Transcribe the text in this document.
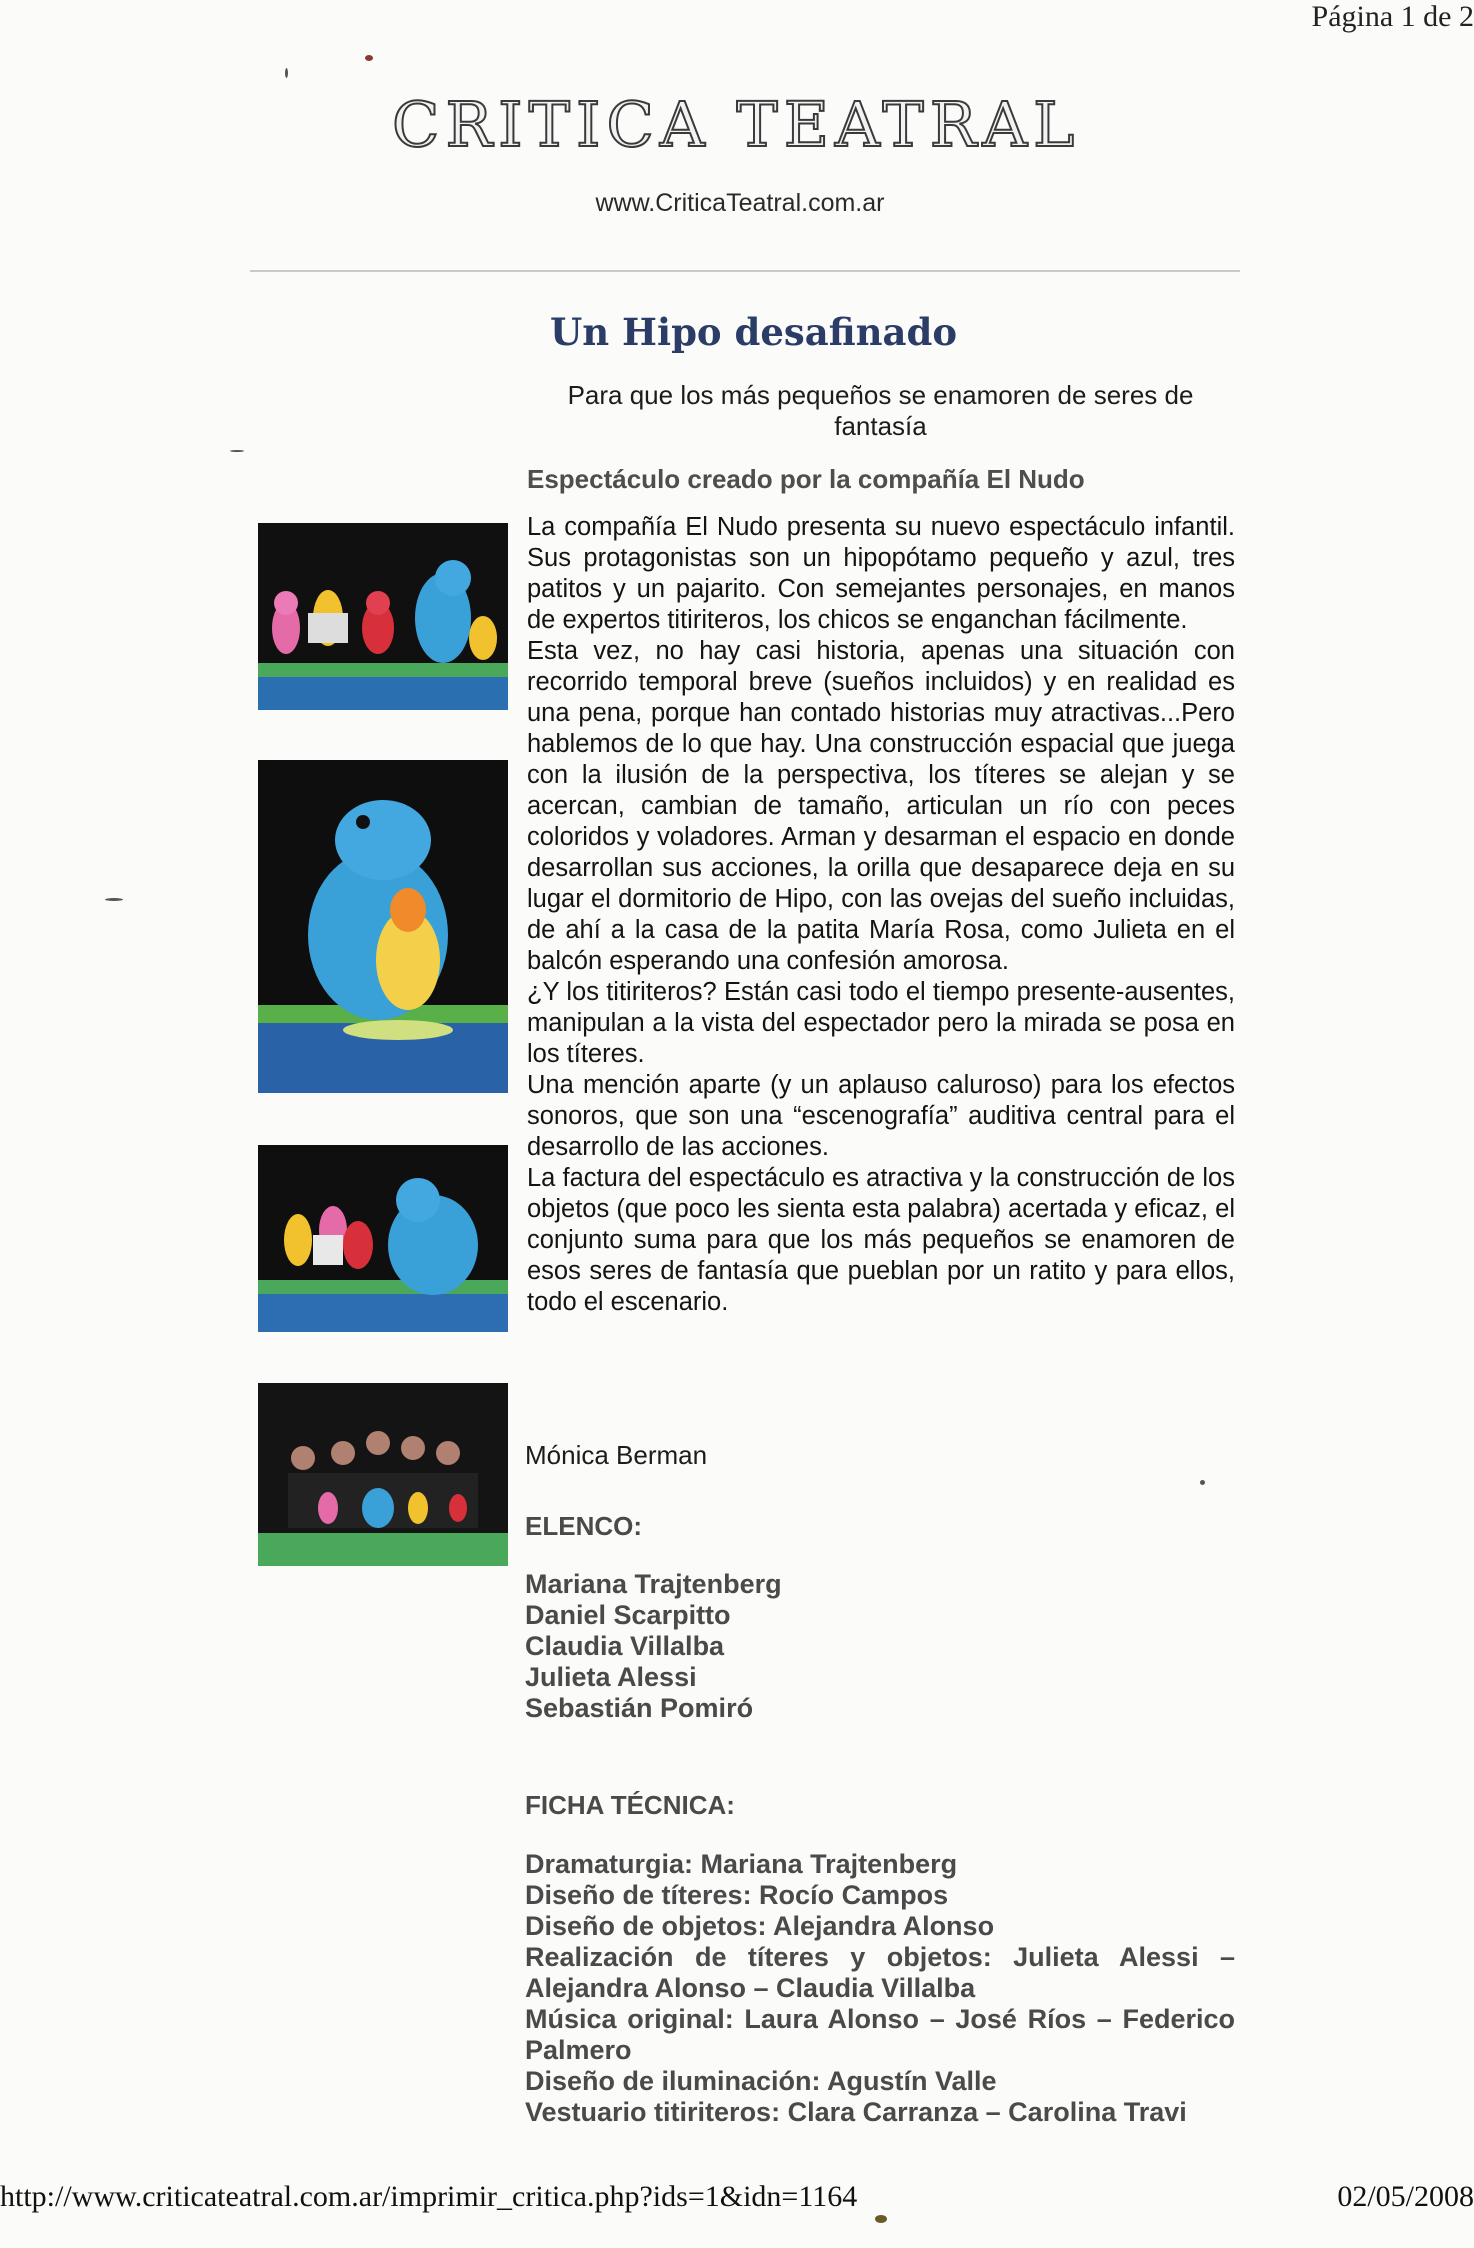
Página 1 de 2
CRITICA TEATRAL
www.CriticaTeatral.com.ar
Un Hipo desafinado
Para que los más pequeños se enamoren de seres de fantasía
Espectáculo creado por la compañía El Nudo

La compañía El Nudo presenta su nuevo espectáculo infantil. Sus protagonistas son un hipopótamo pequeño y azul, tres patitos y un pajarito. Con semejantes personajes, en manos de expertos titiriteros, los chicos se enganchan fácilmente.

Esta vez, no hay casi historia, apenas una situación con recorrido temporal breve (sueños incluidos) y en realidad es una pena, porque han contado historias muy atractivas...Pero hablemos de lo que hay. Una construcción espacial que juega con la ilusión de la perspectiva, los títeres se alejan y se acercan, cambian de tamaño, articulan un río con peces coloridos y voladores. Arman y desarman el espacio en donde desarrollan sus acciones, la orilla que desaparece deja en su lugar el dormitorio de Hipo, con las ovejas del sueño incluidas, de ahí a la casa de la patita María Rosa, como Julieta en el balcón esperando una confesión amorosa.

¿Y los titiriteros? Están casi todo el tiempo presente-ausentes, manipulan a la vista del espectador pero la mirada se posa en los títeres.

Una mención aparte (y un aplauso caluroso) para los efectos sonoros, que son una “escenografía” auditiva central para el desarrollo de las acciones.

La factura del espectáculo es atractiva y la construcción de los objetos (que poco les sienta esta palabra) acertada y eficaz, el conjunto suma para que los más pequeños se enamoren de esos seres de fantasía que pueblan por un ratito y para ellos, todo el escenario.

Mónica Berman
ELENCO:
Mariana Trajtenberg
Daniel Scarpitto
Claudia Villalba
Julieta Alessi
Sebastián Pomiró
FICHA TÉCNICA:
Dramaturgia: Mariana Trajtenberg
Diseño de títeres: Rocío Campos
Diseño de objetos: Alejandra Alonso
Realización de títeres y objetos: Julieta Alessi – Alejandra Alonso – Claudia Villalba
Música original: Laura Alonso – José Ríos – Federico Palmero
Diseño de iluminación: Agustín Valle
Vestuario titiriteros: Clara Carranza – Carolina Travi
http://www.criticateatral.com.ar/imprimir_critica.php?ids=1&idn=1164	02/05/2008
